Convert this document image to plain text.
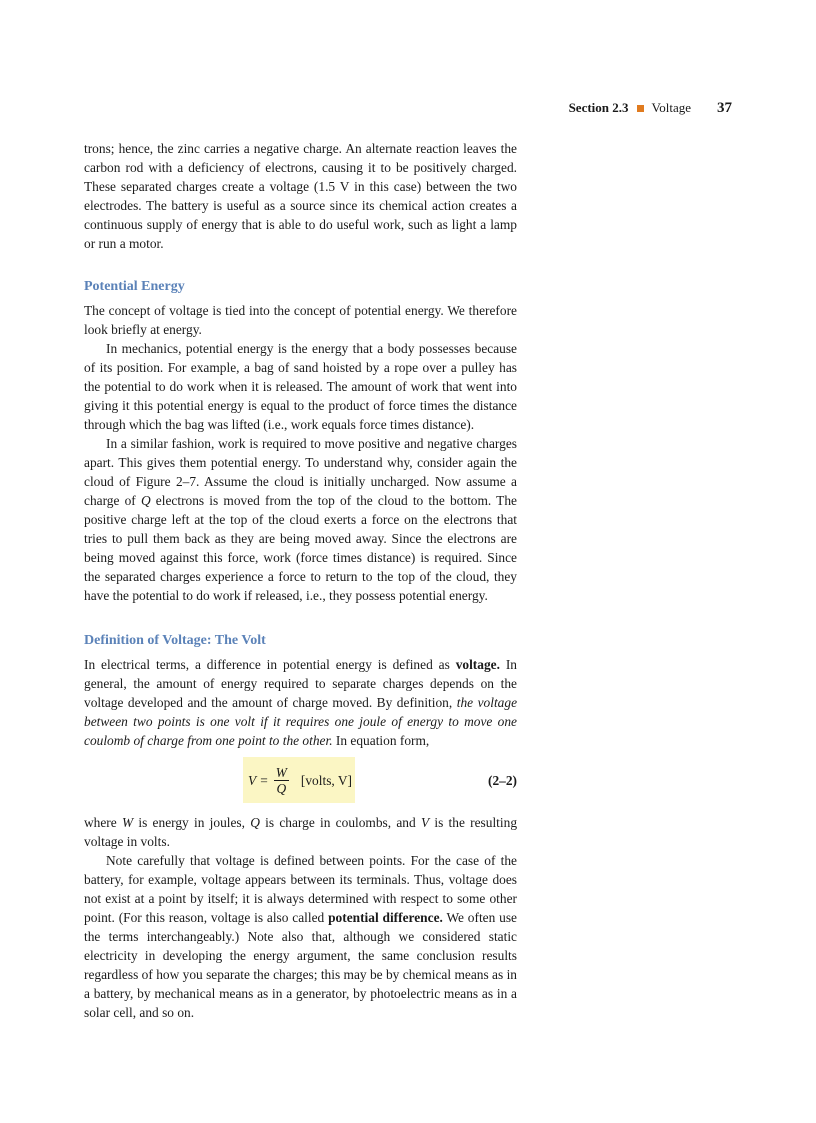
Section 2.3 Voltage 37

trons; hence, the zinc carries a negative charge. An alternate reaction leaves the carbon rod with a deficiency of electrons, causing it to be positively charged. These separated charges create a voltage (1.5 V in this case) between the two electrodes. The battery is useful as a source since its chemical action creates a continuous supply of energy that is able to do useful work, such as light a lamp or run a motor.

Potential Energy

The concept of voltage is tied into the concept of potential energy. We therefore look briefly at energy.

In mechanics, potential energy is the energy that a body possesses because of its position. For example, a bag of sand hoisted by a rope over a pulley has the potential to do work when it is released. The amount of work that went into giving it this potential energy is equal to the product of force times the distance through which the bag was lifted (i.e., work equals force times distance).

In a similar fashion, work is required to move positive and negative charges apart. This gives them potential energy. To understand why, consider again the cloud of Figure 2–7. Assume the cloud is initially uncharged. Now assume a charge of Q electrons is moved from the top of the cloud to the bottom. The positive charge left at the top of the cloud exerts a force on the electrons that tries to pull them back as they are being moved away. Since the electrons are being moved against this force, work (force times distance) is required. Since the separated charges experience a force to return to the top of the cloud, they have the potential to do work if released, i.e., they possess potential energy.

Definition of Voltage: The Volt

In electrical terms, a difference in potential energy is defined as voltage. In general, the amount of energy required to separate charges depends on the voltage developed and the amount of charge moved. By definition, the voltage between two points is one volt if it requires one joule of energy to move one coulomb of charge from one point to the other. In equation form,

$V = \frac{W}{Q}$ [volts, V]	(2–2)

where W is energy in joules, Q is charge in coulombs, and V is the resulting voltage in volts.

Note carefully that voltage is defined between points. For the case of the battery, for example, voltage appears between its terminals. Thus, voltage does not exist at a point by itself; it is always determined with respect to some other point. (For this reason, voltage is also called potential difference. We often use the terms interchangeably.) Note also that, although we considered static electricity in developing the energy argument, the same conclusion results regardless of how you separate the charges; this may be by chemical means as in a battery, by mechanical means as in a generator, by photoelectric means as in a solar cell, and so on.
